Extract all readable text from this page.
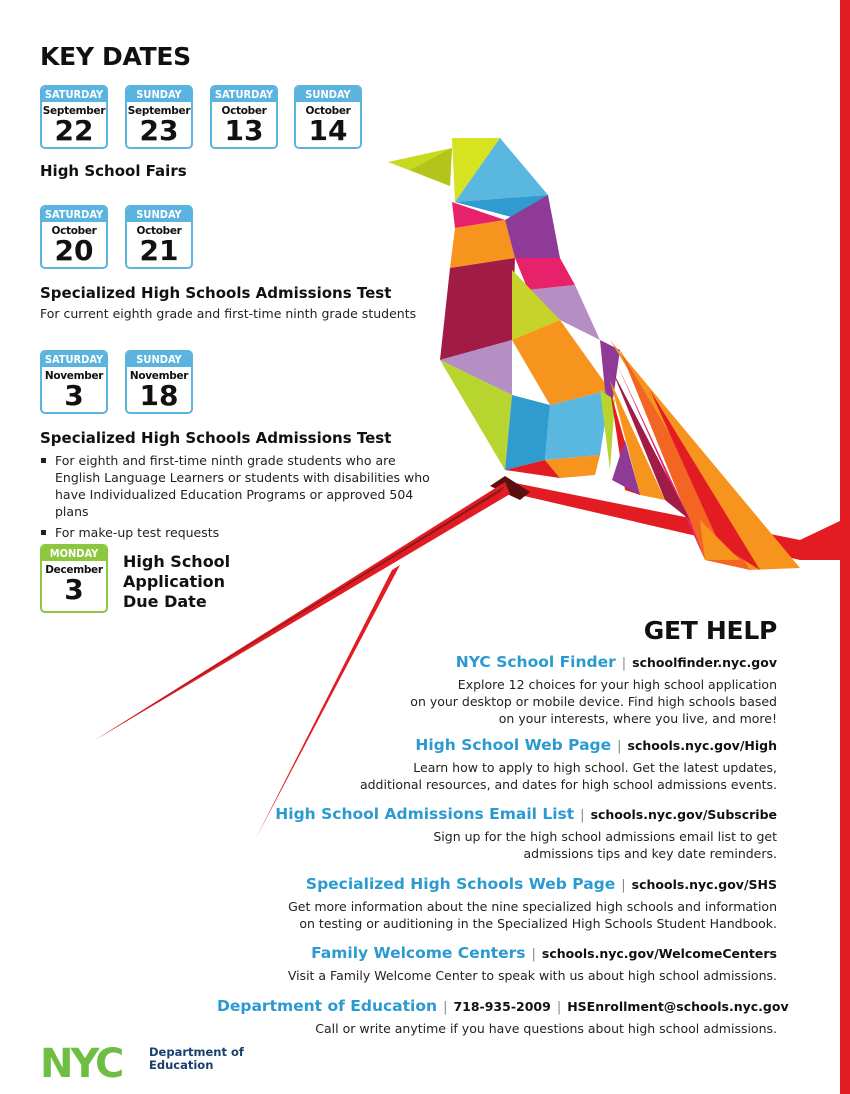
KEY DATES
SATURDAY
September
22
SUNDAY
September
23
SATURDAY
October
13
SUNDAY
October
14
High School Fairs
SATURDAY
October
20
SUNDAY
October
21
Specialized High Schools Admissions Test
For current eighth grade and first-time ninth grade students
SATURDAY
November
3
SUNDAY
November
18
Specialized High Schools Admissions Test
For eighth and first-time ninth grade students who are English Language Learners or students with disabilities who have Individualized Education Programs or approved 504 plans
For make-up test requests
MONDAY
December
3
High School Application Due Date
GET HELP
NYC School Finder | schoolfinder.nyc.gov
Explore 12 choices for your high school application
on your desktop or mobile device. Find high schools based
on your interests, where you live, and more!
High School Web Page | schools.nyc.gov/High
Learn how to apply to high school. Get the latest updates,
additional resources, and dates for high school admissions events.
High School Admissions Email List | schools.nyc.gov/Subscribe
Sign up for the high school admissions email list to get
admissions tips and key date reminders.
Specialized High Schools Web Page | schools.nyc.gov/SHS
Get more information about the nine specialized high schools and information
on testing or auditioning in the Specialized High Schools Student Handbook.
Family Welcome Centers | schools.nyc.gov/WelcomeCenters
Visit a Family Welcome Center to speak with us about high school admissions.
Department of Education | 718-935-2009 | HSEnrollment@schools.nyc.gov
Call or write anytime if you have questions about high school admissions.
NYC Department of
Education
